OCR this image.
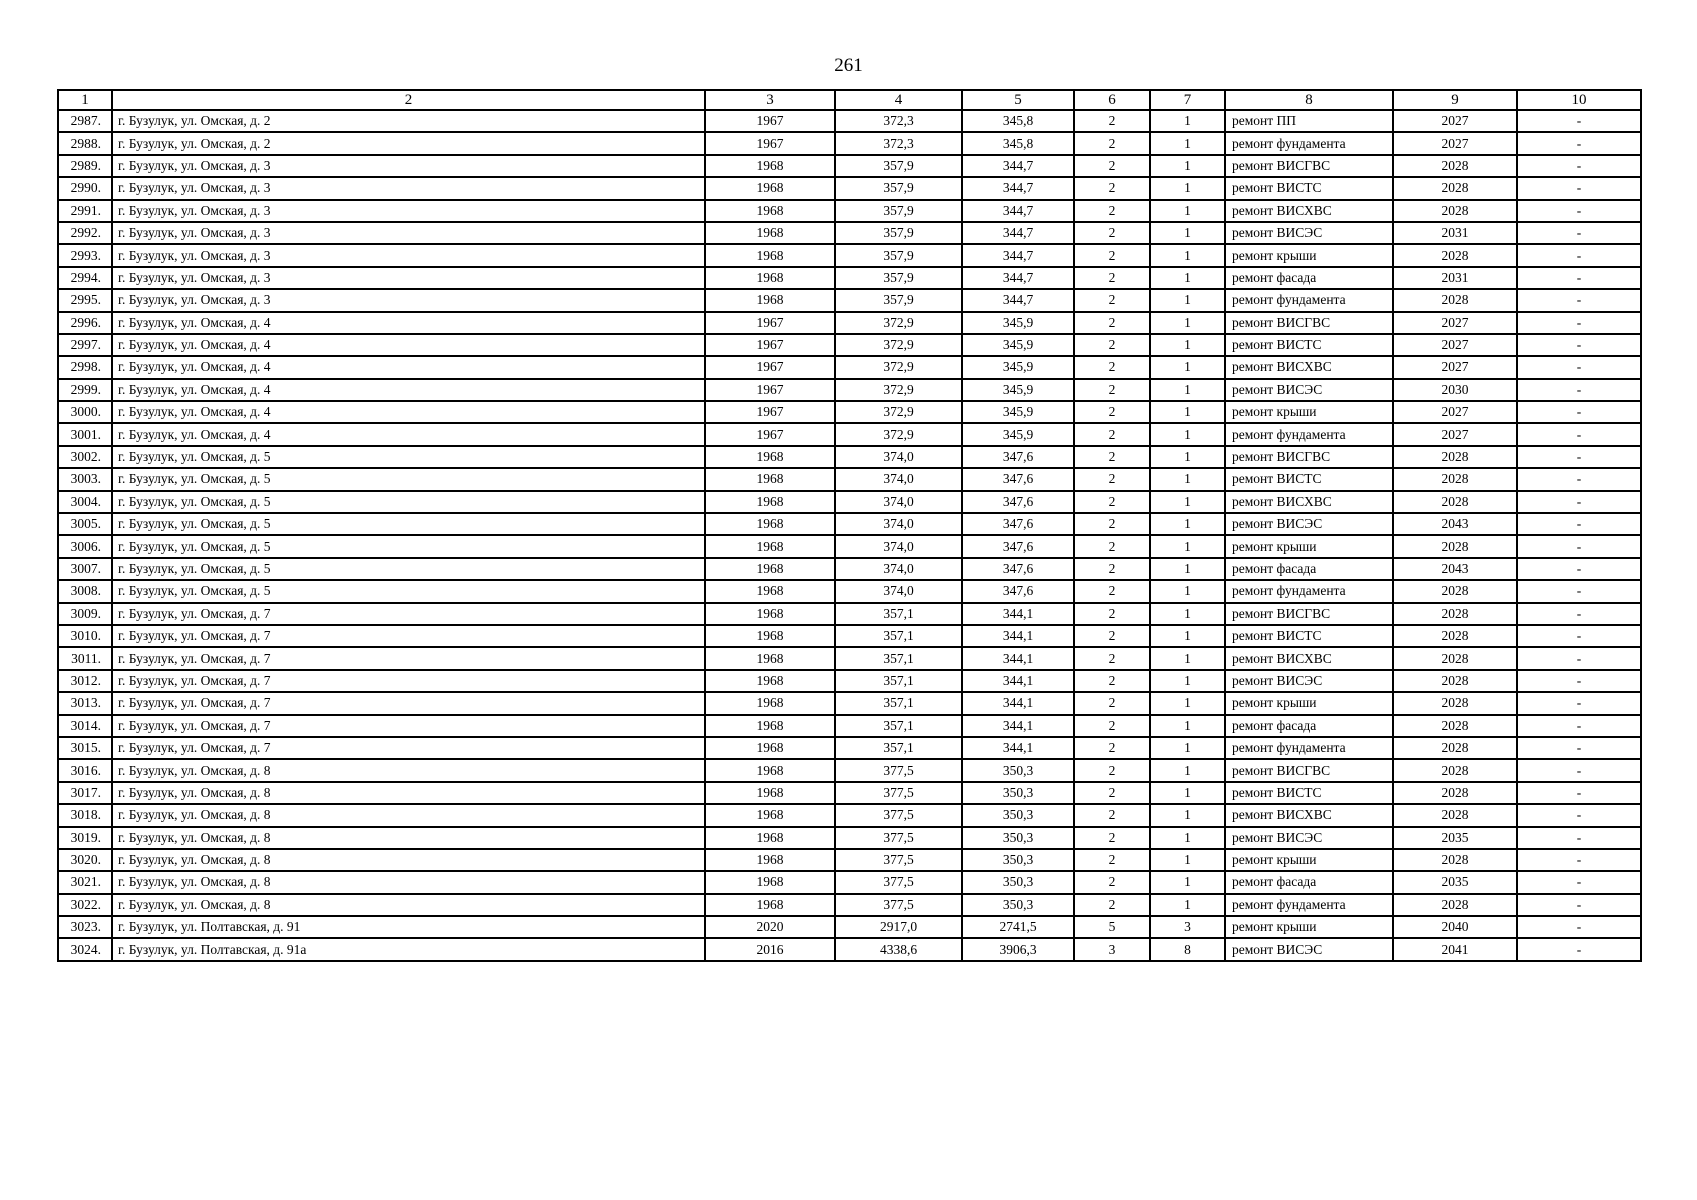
261
1	2	3	4	5	6	7	8	9	10
2987.	г. Бузулук, ул. Омская, д. 2	1967	372,3	345,8	2	1	ремонт ПП	2027	-
2988.	г. Бузулук, ул. Омская, д. 2	1967	372,3	345,8	2	1	ремонт фундамента	2027	-
2989.	г. Бузулук, ул. Омская, д. 3	1968	357,9	344,7	2	1	ремонт ВИСГВС	2028	-
2990.	г. Бузулук, ул. Омская, д. 3	1968	357,9	344,7	2	1	ремонт ВИСТС	2028	-
2991.	г. Бузулук, ул. Омская, д. 3	1968	357,9	344,7	2	1	ремонт ВИСХВС	2028	-
2992.	г. Бузулук, ул. Омская, д. 3	1968	357,9	344,7	2	1	ремонт ВИСЭС	2031	-
2993.	г. Бузулук, ул. Омская, д. 3	1968	357,9	344,7	2	1	ремонт крыши	2028	-
2994.	г. Бузулук, ул. Омская, д. 3	1968	357,9	344,7	2	1	ремонт фасада	2031	-
2995.	г. Бузулук, ул. Омская, д. 3	1968	357,9	344,7	2	1	ремонт фундамента	2028	-
2996.	г. Бузулук, ул. Омская, д. 4	1967	372,9	345,9	2	1	ремонт ВИСГВС	2027	-
2997.	г. Бузулук, ул. Омская, д. 4	1967	372,9	345,9	2	1	ремонт ВИСТС	2027	-
2998.	г. Бузулук, ул. Омская, д. 4	1967	372,9	345,9	2	1	ремонт ВИСХВС	2027	-
2999.	г. Бузулук, ул. Омская, д. 4	1967	372,9	345,9	2	1	ремонт ВИСЭС	2030	-
3000.	г. Бузулук, ул. Омская, д. 4	1967	372,9	345,9	2	1	ремонт крыши	2027	-
3001.	г. Бузулук, ул. Омская, д. 4	1967	372,9	345,9	2	1	ремонт фундамента	2027	-
3002.	г. Бузулук, ул. Омская, д. 5	1968	374,0	347,6	2	1	ремонт ВИСГВС	2028	-
3003.	г. Бузулук, ул. Омская, д. 5	1968	374,0	347,6	2	1	ремонт ВИСТС	2028	-
3004.	г. Бузулук, ул. Омская, д. 5	1968	374,0	347,6	2	1	ремонт ВИСХВС	2028	-
3005.	г. Бузулук, ул. Омская, д. 5	1968	374,0	347,6	2	1	ремонт ВИСЭС	2043	-
3006.	г. Бузулук, ул. Омская, д. 5	1968	374,0	347,6	2	1	ремонт крыши	2028	-
3007.	г. Бузулук, ул. Омская, д. 5	1968	374,0	347,6	2	1	ремонт фасада	2043	-
3008.	г. Бузулук, ул. Омская, д. 5	1968	374,0	347,6	2	1	ремонт фундамента	2028	-
3009.	г. Бузулук, ул. Омская, д. 7	1968	357,1	344,1	2	1	ремонт ВИСГВС	2028	-
3010.	г. Бузулук, ул. Омская, д. 7	1968	357,1	344,1	2	1	ремонт ВИСТС	2028	-
3011.	г. Бузулук, ул. Омская, д. 7	1968	357,1	344,1	2	1	ремонт ВИСХВС	2028	-
3012.	г. Бузулук, ул. Омская, д. 7	1968	357,1	344,1	2	1	ремонт ВИСЭС	2028	-
3013.	г. Бузулук, ул. Омская, д. 7	1968	357,1	344,1	2	1	ремонт крыши	2028	-
3014.	г. Бузулук, ул. Омская, д. 7	1968	357,1	344,1	2	1	ремонт фасада	2028	-
3015.	г. Бузулук, ул. Омская, д. 7	1968	357,1	344,1	2	1	ремонт фундамента	2028	-
3016.	г. Бузулук, ул. Омская, д. 8	1968	377,5	350,3	2	1	ремонт ВИСГВС	2028	-
3017.	г. Бузулук, ул. Омская, д. 8	1968	377,5	350,3	2	1	ремонт ВИСТС	2028	-
3018.	г. Бузулук, ул. Омская, д. 8	1968	377,5	350,3	2	1	ремонт ВИСХВС	2028	-
3019.	г. Бузулук, ул. Омская, д. 8	1968	377,5	350,3	2	1	ремонт ВИСЭС	2035	-
3020.	г. Бузулук, ул. Омская, д. 8	1968	377,5	350,3	2	1	ремонт крыши	2028	-
3021.	г. Бузулук, ул. Омская, д. 8	1968	377,5	350,3	2	1	ремонт фасада	2035	-
3022.	г. Бузулук, ул. Омская, д. 8	1968	377,5	350,3	2	1	ремонт фундамента	2028	-
3023.	г. Бузулук, ул. Полтавская, д. 91	2020	2917,0	2741,5	5	3	ремонт крыши	2040	-
3024.	г. Бузулук, ул. Полтавская, д. 91а	2016	4338,6	3906,3	3	8	ремонт ВИСЭС	2041	-
